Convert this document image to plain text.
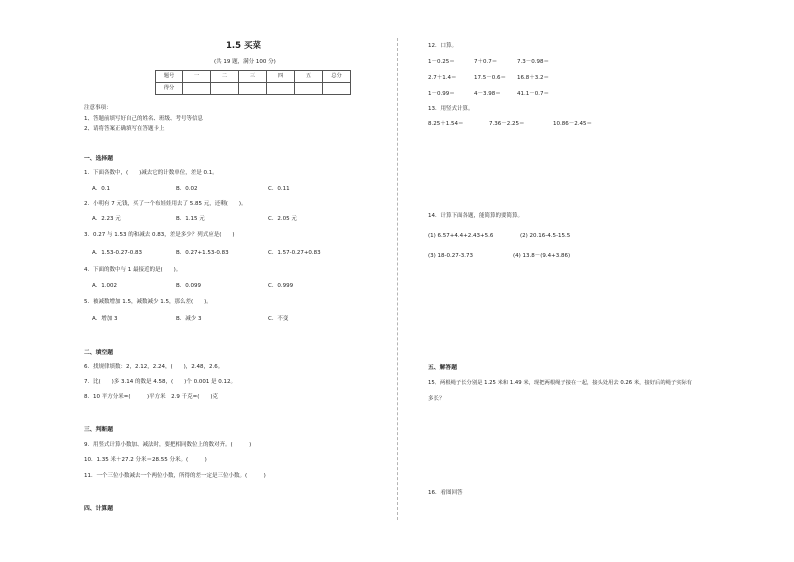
1.5 买菜
(共 19 题，满分 100 分)
题号	一	二	三	四	五	总分
得分						
注意事项：
1、答题前填写好自己的姓名、班级、考号等信息
2、请将答案正确填写在答题卡上
一、选择题
1．下面各数中，(　　)减去它的计数单位，差是 0.1。
A．0.1	B．0.02	C．0.11
2．小明有 7 元钱，买了一个布娃娃用去了 5.85 元，还剩(　　)。
A．2.23 元	B．1.15 元	C．2.05 元
3．0.27 与 1.53 的和减去 0.83，差是多少？列式应是(　　)
A．1.53-0.27-0.83	B．0.27+1.53-0.83	C．1.57-0.27+0.83
4．下面的数中与 1 最接近的是(　　)。
A．1.002	B．0.099	C．0.999
5．被减数增加 1.5，减数减少 1.5，那么差(　　)。
A．增加 3	B．减少 3	C．不变
二、填空题
6．找规律填数：2，2.12，2.24，(　　)，2.48，2.6。
7．比(　　)多 3.14 的数是 4.58，(　　)个 0.001 是 0.12。
8．10 平方分米=(　　　)平方米　2.9 千克=(　　)克
三、判断题
9．用竖式计算小数加、减法时，要把相同数位上的数对齐。(　　　)
10．1.35 米＋27.2 分米＝28.55 分米。(　　　)
11．一个三位小数减去一个两位小数，所得的差一定是三位小数。(　　　)
四、计算题
12．口算。
1－0.25＝	7＋0.7＝	7.3－0.98＝
2.7＋1.4＝	17.5－0.6＝ 16.8＋3.2＝
1－0.99＝	4－3.98＝	41.1－0.7＝
13．用竖式计算。
8.25＋1.54＝	7.36－2.25＝	10.86－2.45＝
14．计算下面各题，能简算的要简算。
(1) 6.57+4.4+2.43+5.6	(2) 20.16-4.5-15.5
(3) 18-0.27-3.73	(4) 13.8－(9.4+3.86)
五、解答题
15．两根绳子长分别是 1.25 米和 1.49 米，现把两根绳子接在一起，接头处用去 0.26 米，接好后的绳子实际有
多长？
16．看图回答
